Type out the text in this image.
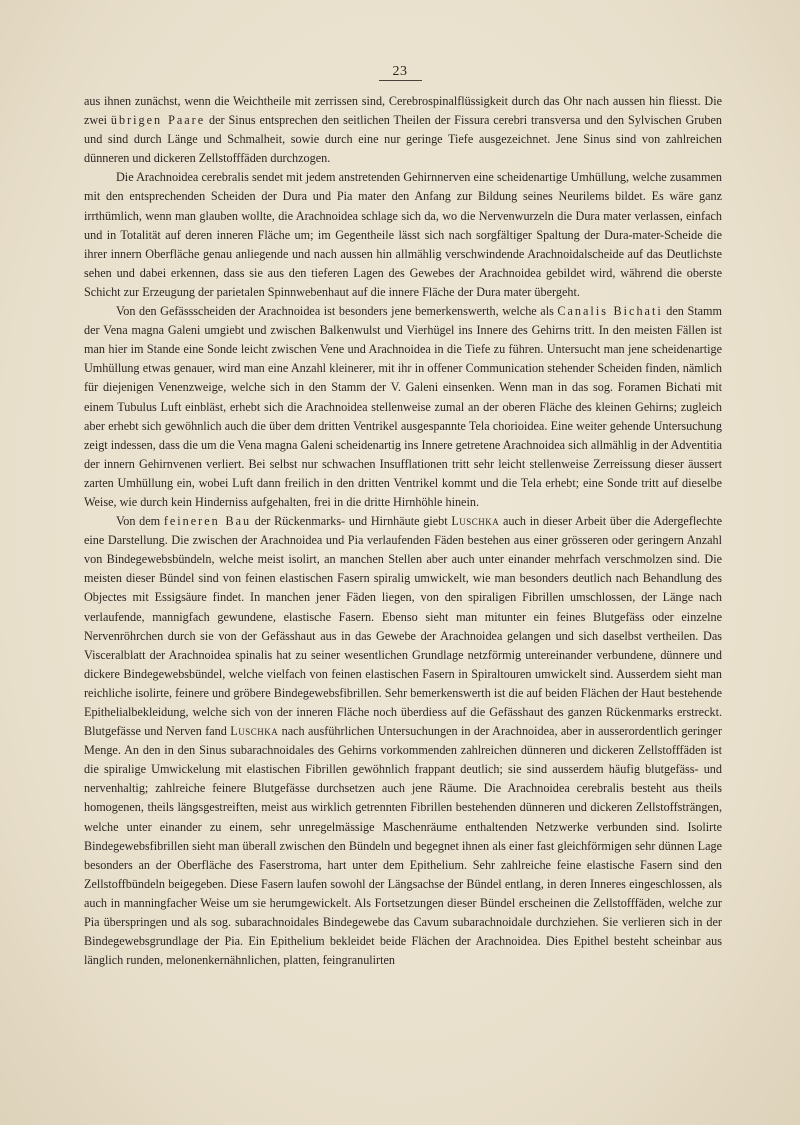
23

aus ihnen zunächst, wenn die Weichtheile mit zerrissen sind, Cerebrospinalflüssigkeit durch das Ohr nach aussen hin fliesst. Die zwei übrigen Paare der Sinus entsprechen den seitlichen Theilen der Fissura cerebri transversa und den Sylvischen Gruben und sind durch Länge und Schmalheit, sowie durch eine nur geringe Tiefe ausgezeichnet. Jene Sinus sind von zahlreichen dünneren und dickeren Zellstofffäden durchzogen.

Die Arachnoidea cerebralis sendet mit jedem anstretenden Gehirnnerven eine scheidenartige Umhüllung, welche zusammen mit den entsprechenden Scheiden der Dura und Pia mater den Anfang zur Bildung seines Neurilems bildet. Es wäre ganz irrthümlich, wenn man glauben wollte, die Arachnoidea schlage sich da, wo die Nervenwurzeln die Dura mater verlassen, einfach und in Totalität auf deren inneren Fläche um; im Gegentheile lässt sich nach sorgfältiger Spaltung der Dura-mater-Scheide die ihrer innern Oberfläche genau anliegende und nach aussen hin allmählig verschwindende Arachnoidalscheide auf das Deutlichste sehen und dabei erkennen, dass sie aus den tieferen Lagen des Gewebes der Arachnoidea gebildet wird, während die oberste Schicht zur Erzeugung der parietalen Spinnwebenhaut auf die innere Fläche der Dura mater übergeht.

Von den Gefässscheiden der Arachnoidea ist besonders jene bemerkenswerth, welche als Canalis Bichati den Stamm der Vena magna Galeni umgiebt und zwischen Balkenwulst und Vierhügel ins Innere des Gehirns tritt. In den meisten Fällen ist man hier im Stande eine Sonde leicht zwischen Vene und Arachnoidea in die Tiefe zu führen. Untersucht man jene scheidenartige Umhüllung etwas genauer, wird man eine Anzahl kleinerer, mit ihr in offener Communication stehender Scheiden finden, nämlich für diejenigen Venenzweige, welche sich in den Stamm der V. Galeni einsenken. Wenn man in das sog. Foramen Bichati mit einem Tubulus Luft einbläst, erhebt sich die Arachnoidea stellenweise zumal an der oberen Fläche des kleinen Gehirns; zugleich aber erhebt sich gewöhnlich auch die über dem dritten Ventrikel ausgespannte Tela chorioidea. Eine weiter gehende Untersuchung zeigt indessen, dass die um die Vena magna Galeni scheidenartig ins Innere getretene Arachnoidea sich allmählig in der Adventitia der innern Gehirnvenen verliert. Bei selbst nur schwachen Insufflationen tritt sehr leicht stellenweise Zerreissung dieser äussert zarten Umhüllung ein, wobei Luft dann freilich in den dritten Ventrikel kommt und die Tela erhebt; eine Sonde tritt auf dieselbe Weise, wie durch kein Hinderniss aufgehalten, frei in die dritte Hirnhöhle hinein.

Von dem feineren Bau der Rückenmarks- und Hirnhäute giebt Luschka auch in dieser Arbeit über die Adergeflechte eine Darstellung. Die zwischen der Arachnoidea und Pia verlaufenden Fäden bestehen aus einer grösseren oder geringern Anzahl von Bindegewebsbündeln, welche meist isolirt, an manchen Stellen aber auch unter einander mehrfach verschmolzen sind. Die meisten dieser Bündel sind von feinen elastischen Fasern spiralig umwickelt, wie man besonders deutlich nach Behandlung des Objectes mit Essigsäure findet. In manchen jener Fäden liegen, von den spiraligen Fibrillen umschlossen, der Länge nach verlaufende, mannigfach gewundene, elastische Fasern. Ebenso sieht man mitunter ein feines Blutgefäss oder einzelne Nervenröhrchen durch sie von der Gefässhaut aus in das Gewebe der Arachnoidea gelangen und sich daselbst vertheilen. Das Visceralblatt der Arachnoidea spinalis hat zu seiner wesentlichen Grundlage netzförmig untereinander verbundene, dünnere und dickere Bindegewebsbündel, welche vielfach von feinen elastischen Fasern in Spiraltouren umwickelt sind. Ausserdem sieht man reichliche isolirte, feinere und gröbere Bindegewebsfibrillen. Sehr bemerkenswerth ist die auf beiden Flächen der Haut bestehende Epithelialbekleidung, welche sich von der inneren Fläche noch überdiess auf die Gefässhaut des ganzen Rückenmarks erstreckt. Blutgefässe und Nerven fand Luschka nach ausführlichen Untersuchungen in der Arachnoidea, aber in ausserordentlich geringer Menge. An den in den Sinus subarachnoidales des Gehirns vorkommenden zahlreichen dünneren und dickeren Zellstofffäden ist die spiralige Umwickelung mit elastischen Fibrillen gewöhnlich frappant deutlich; sie sind ausserdem häufig blutgefäss- und nervenhaltig; zahlreiche feinere Blutgefässe durchsetzen auch jene Räume. Die Arachnoidea cerebralis besteht aus theils homogenen, theils längsgestreiften, meist aus wirklich getrennten Fibrillen bestehenden dünneren und dickeren Zellstoffsträngen, welche unter einander zu einem, sehr unregelmässige Maschenräume enthaltenden Netzwerke verbunden sind. Isolirte Bindegewebsfibrillen sieht man überall zwischen den Bündeln und begegnet ihnen als einer fast gleichförmigen sehr dünnen Lage besonders an der Oberfläche des Faserstroma, hart unter dem Epithelium. Sehr zahlreiche feine elastische Fasern sind den Zellstoffbündeln beigegeben. Diese Fasern laufen sowohl der Längsachse der Bündel entlang, in deren Inneres eingeschlossen, als auch in manningfacher Weise um sie herumgewickelt. Als Fortsetzungen dieser Bündel erscheinen die Zellstofffäden, welche zur Pia überspringen und als sog. subarachnoidales Bindegewebe das Cavum subarachnoidale durchziehen. Sie verlieren sich in der Bindegewebsgrundlage der Pia. Ein Epithelium bekleidet beide Flächen der Arachnoidea. Dies Epithel besteht scheinbar aus länglich runden, melonenkernähnlichen, platten, feingranulirten
